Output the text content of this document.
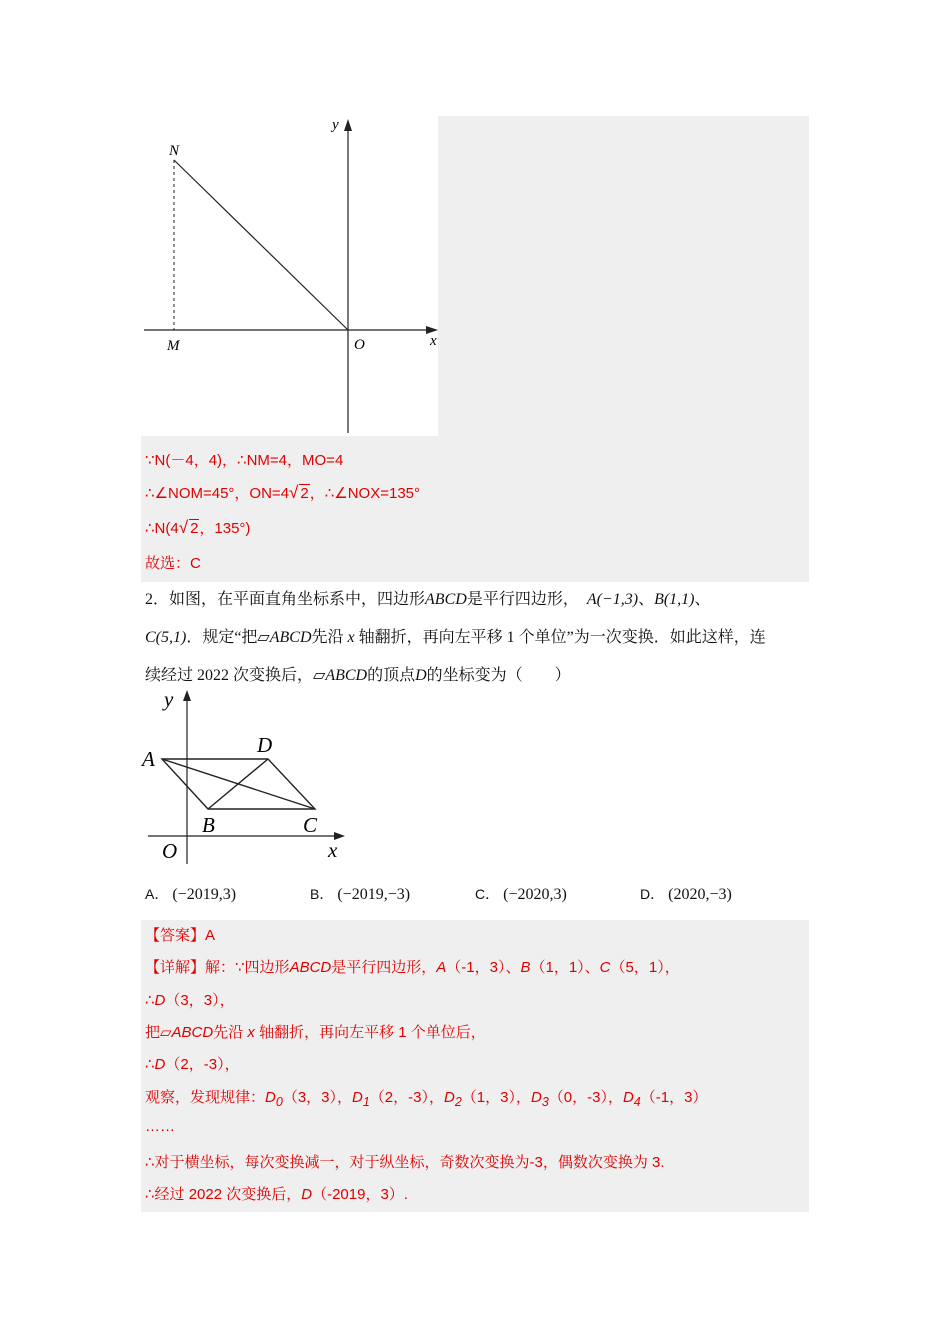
y
x
N
M	O
∵N(－4，4)，∴NM=4，MO=4
∴∠NOM=45°，ON=4√ 2，∴∠NOX=135°
∴N(4√ 2，135°)
故选：C
2．如图，在平面直角坐标系中，四边形ABCD是平行四边形， A(−1,3)、B(1,1)、
C(5,1)．规定“把▱ABCD先沿 x 轴翻折，再向左平移 1 个单位”为一次变换．如此这样，连
续经过 2022 次变换后，▱ABCD的顶点D的坐标变为（　　）
y
x
O
A
B	C
D
A． (−2019,3)	B． (−2019,−3)	C． (−2020,3)	D． (2020,−3)
【答案】A
【详解】解：∵四边形ABCD是平行四边形，A（-1，3）、B（1，1）、C（5，1），
∴D（3，3），
把▱ABCD先沿 x 轴翻折，再向左平移 1 个单位后，
∴D（2，-3），
观察，发现规律：$D_0(3$，3），$D_1(2$，-3），$D_2(1$，3），$D_3(0$，-3），$D_4(-1$，3）
……
∴对于横坐标，每次变换减一，对于纵坐标，奇数次变换为-3，偶数次变换为 3.
∴经过 2022 次变换后，D（-2019，3）.
